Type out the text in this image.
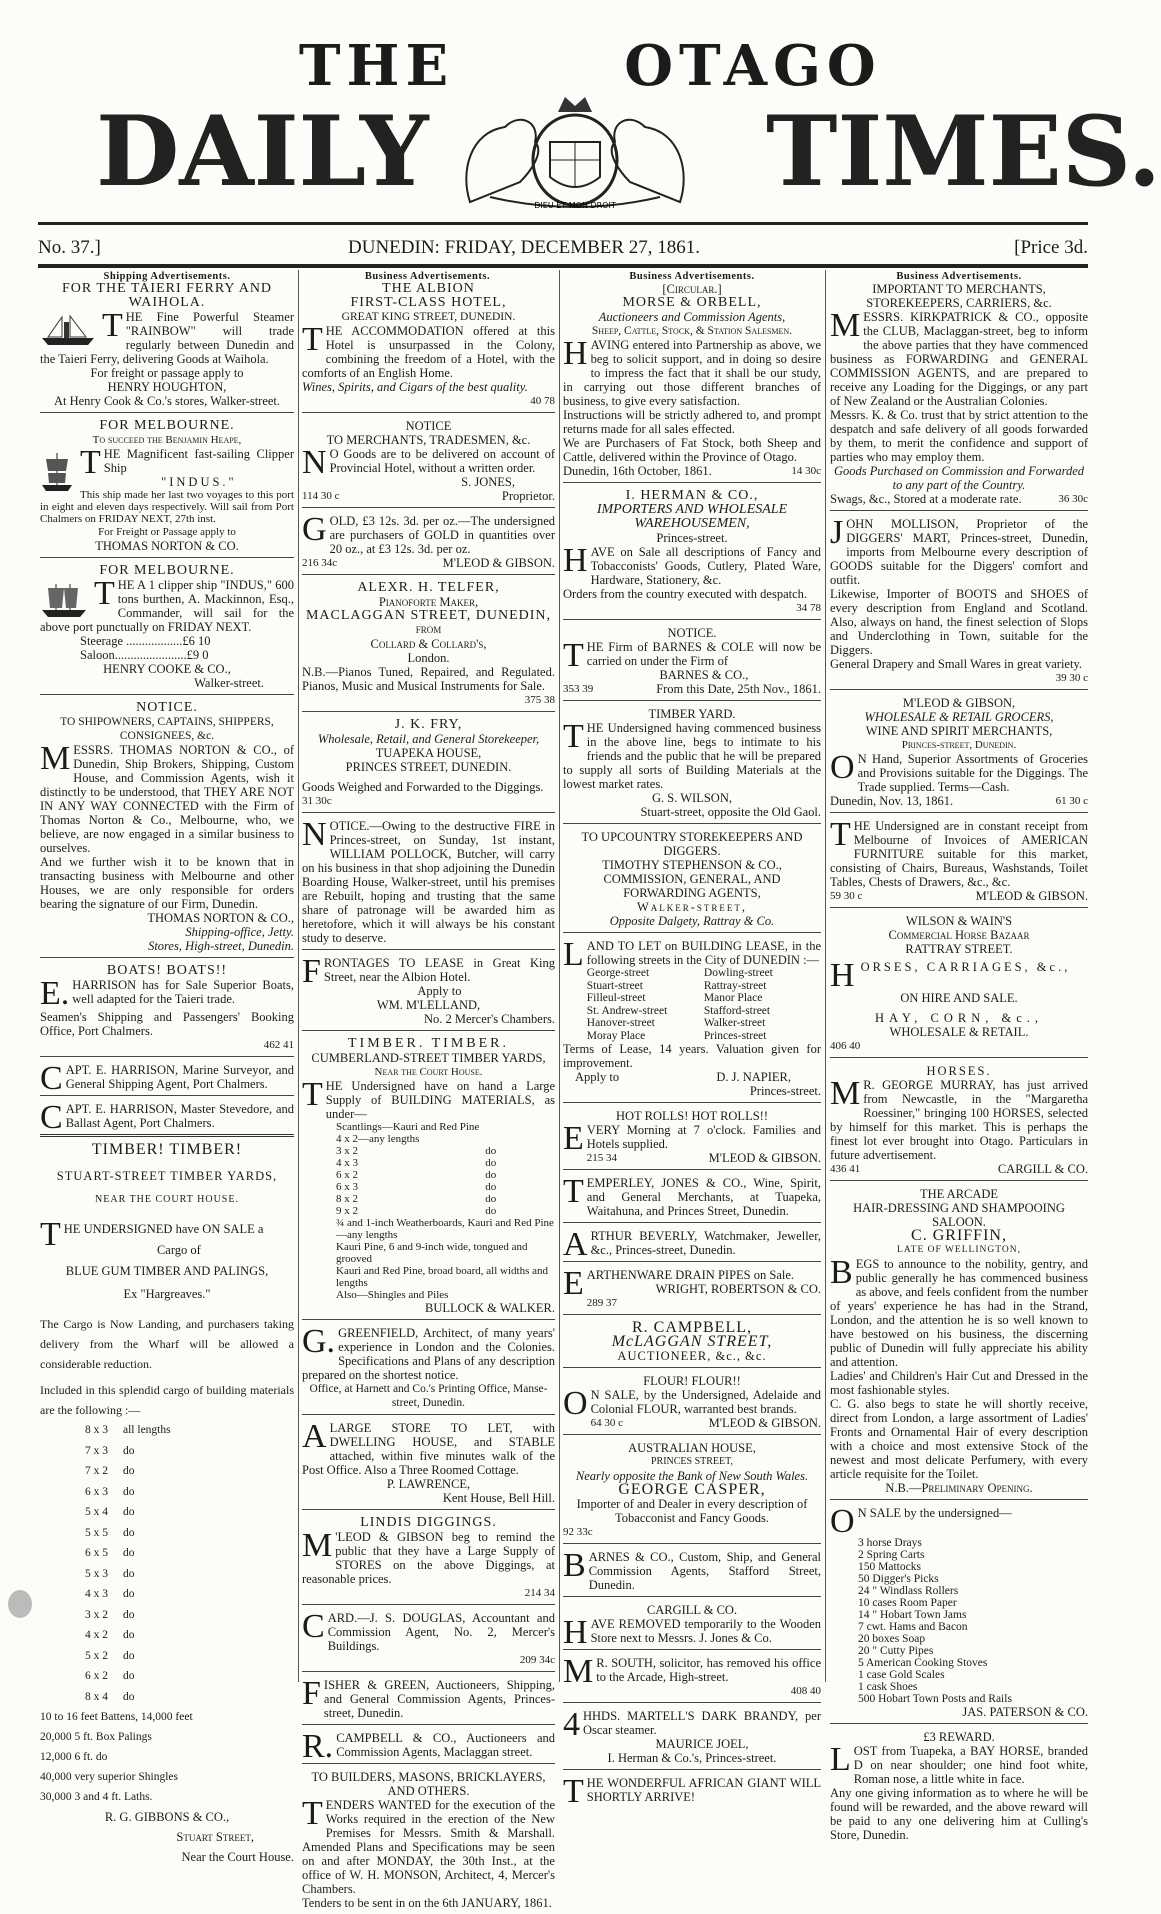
THE	OTAGO
DAILY	TIMES.
DIEU ET MON DROIT
No. 37.]	DUNEDIN: FRIDAY, DECEMBER 27, 1861.	[Price 3d.
Shipping Advertisements.	Business Advertisements.	Business Advertisements.	Business Advertisements.
FOR THE TAIERI FERRY AND WAIHOLA.
THE Fine Powerful Steamer "RAINBOW" will trade regularly between Dunedin and the Taieri Ferry, delivering Goods at Waihola.
For freight or passage apply to
HENRY HOUGHTON,
At Henry Cook & Co.'s stores, Walker-street.
FOR MELBOURNE.
To succeed the Benjamin Heape,
THE Magnificent fast-sailing Clipper Ship
"INDUS."
This ship made her last two voyages to this port in eight and eleven days respectively. Will sail from Port Chalmers on FRIDAY NEXT, 27th inst.
For Freight or Passage apply to
THOMAS NORTON & CO.
FOR MELBOURNE.
THE A 1 clipper ship "INDUS," 600 tons burthen, A. Mackinnon, Esq., Commander, will sail for the above port punctually on FRIDAY NEXT.
Steerage ..................£6 10
Saloon.......................£9 0
HENRY COOKE & CO.,
Walker-street.
NOTICE.
TO SHIPOWNERS, CAPTAINS, SHIPPERS, CONSIGNEES, &c.
MESSRS. THOMAS NORTON & CO., of Dunedin, Ship Brokers, Shipping, Custom House, and Commission Agents, wish it distinctly to be understood, that THEY ARE NOT IN ANY WAY CONNECTED with the Firm of Thomas Norton & Co., Melbourne, who, we believe, are now engaged in a similar business to ourselves.
And we further wish it to be known that in transacting business with Melbourne and other Houses, we are only responsible for orders bearing the signature of our Firm, Dunedin.
THOMAS NORTON & CO.,
Shipping-office, Jetty.
Stores, High-street, Dunedin.
BOATS! BOATS!!
E. HARRISON has for Sale Superior Boats, well adapted for the Taieri trade.
Seamen's Shipping and Passengers' Booking Office, Port Chalmers.
462 41
CAPT. E. HARRISON, Marine Surveyor, and General Shipping Agent, Port Chalmers.
CAPT. E. HARRISON, Master Stevedore, and Ballast Agent, Port Chalmers.
TIMBER! TIMBER!
STUART-STREET TIMBER YARDS,
NEAR THE COURT HOUSE.
THE UNDERSIGNED have ON SALE a
Cargo of
BLUE GUM TIMBER AND PALINGS,
Ex "Hargreaves."
The Cargo is Now Landing, and purchasers taking delivery from the Wharf will be allowed a considerable reduction.
Included in this splendid cargo of building materials are the following :—
8 x 3	all lengths
7 x 3	do
7 x 2	do
6 x 3	do
5 x 4	do
5 x 5	do
6 x 5	do
5 x 3	do
4 x 3	do
3 x 2	do
4 x 2	do
5 x 2	do
6 x 2	do
8 x 4	do
10 to 16 feet Battens, 14,000 feet
20,000 5 ft. Box Palings
12,000 6 ft. do
40,000 very superior Shingles
30,000 3 and 4 ft. Laths.
R. G. GIBBONS & CO.,
Stuart Street,
Near the Court House.
THE ALBION
FIRST-CLASS HOTEL,
GREAT KING STREET, DUNEDIN.
THE ACCOMMODATION offered at this Hotel is unsurpassed in the Colony, combining the freedom of a Hotel, with the comforts of an English Home.
Wines, Spirits, and Cigars of the best quality.
40 78
NOTICE
TO MERCHANTS, TRADESMEN, &c.
N O Goods are to be delivered on account of Provincial Hotel, without a written order.
S. JONES,
114 30 c	Proprietor.
GOLD, £3 12s. 3d. per oz.—The undersigned are purchasers of GOLD in quantities over 20 oz., at £3 12s. 3d. per oz.
216 34c	M'LEOD & GIBSON.
ALEXR. H. TELFER,
Pianoforte Maker,
MACLAGGAN STREET, DUNEDIN,
FROM
Collard & Collard's,
London.
N.B.—Pianos Tuned, Repaired, and Regulated. Pianos, Music and Musical Instruments for Sale.
375 38
J. K. FRY,
Wholesale, Retail, and General Storekeeper,
TUAPEKA HOUSE,
PRINCES STREET, DUNEDIN.
Goods Weighed and Forwarded to the Diggings.
31 30c
NOTICE.—Owing to the destructive FIRE in Princes-street, on Sunday, 1st instant, WILLIAM POLLOCK, Butcher, will carry on his business in that shop adjoining the Dunedin Boarding House, Walker-street, until his premises are Rebuilt, hoping and trusting that the same share of patronage will be awarded him as heretofore, which it will always be his constant study to deserve.
FRONTAGES TO LEASE in Great King Street, near the Albion Hotel.
Apply to
WM. M'LELLAND,
No. 2 Mercer's Chambers.
TIMBER. TIMBER.
CUMBERLAND-STREET TIMBER YARDS,
Near the Court House.
THE Undersigned have on hand a Large Supply of BUILDING MATERIALS, as under—
Scantlings—Kauri and Red Pine	
4 x 2—any lengths	
3 x 2	do
4 x 3	do
6 x 2	do
6 x 3	do
8 x 2	do
9 x 2	do
¾ and 1-inch Weatherboards, Kauri and Red Pine—any lengths
Kauri Pine, 6 and 9-inch wide, tongued and grooved
Kauri and Red Pine, broad board, all widths and lengths
Also—Shingles and Piles
BULLOCK & WALKER.
G. GREENFIELD, Architect, of many years' experience in London and the Colonies. Specifications and Plans of any description prepared on the shortest notice.
Office, at Harnett and Co.'s Printing Office, Manse-street, Dunedin.
ALARGE STORE TO LET, with DWELLING HOUSE, and STABLE attached, within five minutes walk of the Post Office. Also a Three Roomed Cottage.
P. LAWRENCE,
Kent House, Bell Hill.
LINDIS DIGGINGS.
M 'LEOD & GIBSON beg to remind the public that they have a Large Supply of STORES on the above Diggings, at reasonable prices.
214 34
CARD.—J. S. DOUGLAS, Accountant and Commission Agent, No. 2, Mercer's Buildings.
209 34c
FISHER & GREEN, Auctioneers, Shipping, and General Commission Agents, Princes-street, Dunedin.
R. CAMPBELL & CO., Auctioneers and Commission Agents, Maclaggan street.
TO BUILDERS, MASONS, BRICKLAYERS, AND OTHERS.
TENDERS WANTED for the execution of the Works required in the erection of the New Premises for Messrs. Smith & Marshall. Amended Plans and Specifications may be seen on and after MONDAY, the 30th Inst., at the office of W. H. MONSON, Architect, 4, Mercer's Chambers.
Tenders to be sent in on the 6th JANUARY, 1861.
[Circular.]
MORSE & ORBELL,
Auctioneers and Commission Agents,
Sheep, Cattle, Stock, & Station Salesmen.
HAVING entered into Partnership as above, we beg to solicit support, and in doing so desire to impress the fact that it shall be our study, in carrying out those different branches of business, to give every satisfaction.
Instructions will be strictly adhered to, and prompt returns made for all sales effected.
We are Purchasers of Fat Stock, both Sheep and Cattle, delivered within the Province of Otago.
Dunedin, 16th October, 1861.	14 30c
I. HERMAN & CO.,
IMPORTERS AND WHOLESALE WAREHOUSEMEN,
Princes-street.
HAVE on Sale all descriptions of Fancy and Tobacconists' Goods, Cutlery, Plated Ware, Hardware, Stationery, &c.
Orders from the country executed with despatch.
34 78
NOTICE.
THE Firm of BARNES & COLE will now be carried on under the Firm of
BARNES & CO.,
353 39	From this Date, 25th Nov., 1861.
TIMBER YARD.
THE Undersigned having commenced business in the above line, begs to intimate to his friends and the public that he will be prepared to supply all sorts of Building Materials at the lowest market rates.
G. S. WILSON,
Stuart-street, opposite the Old Gaol.
TO UPCOUNTRY STOREKEEPERS AND DIGGERS.
TIMOTHY STEPHENSON & CO.,
COMMISSION, GENERAL, AND FORWARDING AGENTS,
Walker-street,
Opposite Dalgety, Rattray & Co.
LAND TO LET on BUILDING LEASE, in the following streets in the City of DUNEDIN :—
George-street	Dowling-street
Stuart-street	Rattray-street
Filleul-street	Manor Place
St. Andrew-street	Stafford-street
Hanover-street	Walker-street
Moray Place	Princes-street
Terms of Lease, 14 years. Valuation given for improvement.
Apply to	D. J. NAPIER,
Princes-street.
HOT ROLLS! HOT ROLLS!!
EVERY Morning at 7 o'clock. Families and Hotels supplied.
215 34	M'LEOD & GIBSON.
TEMPERLEY, JONES & CO., Wine, Spirit, and General Merchants, at Tuapeka, Waitahuna, and Princes Street, Dunedin.
ARTHUR BEVERLY, Watchmaker, Jeweller, &c., Princes-street, Dunedin.
EARTHENWARE DRAIN PIPES on Sale.
WRIGHT, ROBERTSON & CO.
289 37
R. CAMPBELL,
McLAGGAN STREET,
AUCTIONEER, &c., &c.
FLOUR! FLOUR!!
O N SALE, by the Undersigned, Adelaide and Colonial FLOUR, warranted best brands.
64 30 c	M'LEOD & GIBSON.
AUSTRALIAN HOUSE,
PRINCES STREET,
Nearly opposite the Bank of New South Wales.
GEORGE CASPER,
Importer of and Dealer in every description of Tobacconist and Fancy Goods.
92 33c
BARNES & CO., Custom, Ship, and General Commission Agents, Stafford Street, Dunedin.
CARGILL & CO.
HAVE REMOVED temporarily to the Wooden Store next to Messrs. J. Jones & Co.
M R. SOUTH, solicitor, has removed his office to the Arcade, High-street.
408 40
4 HHDS. MARTELL'S DARK BRANDY, per Oscar steamer.
MAURICE JOEL,
I. Herman & Co.'s, Princes-street.
THE WONDERFUL AFRICAN GIANT WILL SHORTLY ARRIVE!
IMPORTANT TO MERCHANTS, STOREKEEPERS, CARRIERS, &c.
MESSRS. KIRKPATRICK & CO., opposite the CLUB, Maclaggan-street, beg to inform the above parties that they have commenced business as FORWARDING and GENERAL COMMISSION AGENTS, and are prepared to receive any Loading for the Diggings, or any part of New Zealand or the Australian Colonies.
Messrs. K. & Co. trust that by strict attention to the despatch and safe delivery of all goods forwarded by them, to merit the confidence and support of parties who may employ them.
Goods Purchased on Commission and Forwarded to any part of the Country.
Swags, &c., Stored at a moderate rate.	36 30c
JOHN MOLLISON, Proprietor of the DIGGERS' MART, Princes-street, Dunedin, imports from Melbourne every description of GOODS suitable for the Diggers' comfort and outfit.
Likewise, Importer of BOOTS and SHOES of every description from England and Scotland. Also, always on hand, the finest selection of Slops and Underclothing in Town, suitable for the Diggers.
General Drapery and Small Wares in great variety.
39 30 c
M'LEOD & GIBSON,
WHOLESALE & RETAIL GROCERS,
WINE AND SPIRIT MERCHANTS,
Princes-street, Dunedin.
O N Hand, Superior Assortments of Groceries and Provisions suitable for the Diggings. The Trade supplied. Terms—Cash.
Dunedin, Nov. 13, 1861.	61 30 c
THE Undersigned are in constant receipt from Melbourne of Invoices of AMERICAN FURNITURE suitable for this market, consisting of Chairs, Bureaus, Washstands, Toilet Tables, Chests of Drawers, &c., &c.
59 30 c	M'LEOD & GIBSON.
WILSON & WAIN'S
Commercial Horse Bazaar
RATTRAY STREET.
HORSES, CARRIAGES, &c.,
ON HIRE AND SALE.
HAY, CORN, &c.,
WHOLESALE & RETAIL.
406 40
HORSES.
M R. GEORGE MURRAY, has just arrived from Newcastle, in the "Margaretha Roessiner," bringing 100 HORSES, selected by himself for this market. This is perhaps the finest lot ever brought into Otago. Particulars in future advertisement.
436 41	CARGILL & CO.
THE ARCADE
HAIR-DRESSING AND SHAMPOOING SALOON.
C. GRIFFIN,
LATE OF WELLINGTON,
BEGS to announce to the nobility, gentry, and public generally he has commenced business as above, and feels confident from the number of years' experience he has had in the Strand, London, and the attention he is so well known to have bestowed on his business, the discerning public of Dunedin will fully appreciate his ability and attention.
Ladies' and Children's Hair Cut and Dressed in the most fashionable styles.
C. G. also begs to state he will shortly receive, direct from London, a large assortment of Ladies' Fronts and Ornamental Hair of every description with a choice and most extensive Stock of the newest and most delicate Perfumery, with every article requisite for the Toilet.
N.B.—Preliminary Opening.
O N SALE by the undersigned—
3 horse Drays
2 Spring Carts
150 Mattocks
50 Digger's Picks
24 " Windlass Rollers
10 cases Room Paper
14 " Hobart Town Jams
7 cwt. Hams and Bacon
20 boxes Soap
20 " Cutty Pipes
5 American Cooking Stoves
1 case Gold Scales
1 cask Shoes
500 Hobart Town Posts and Rails
JAS. PATERSON & CO.
£3 REWARD.
LOST from Tuapeka, a BAY HORSE, branded D on near shoulder; one hind foot white, Roman nose, a little white in face.
Any one giving information as to where he will be found will be rewarded, and the above reward will be paid to any one delivering him at Culling's Store, Dunedin.
